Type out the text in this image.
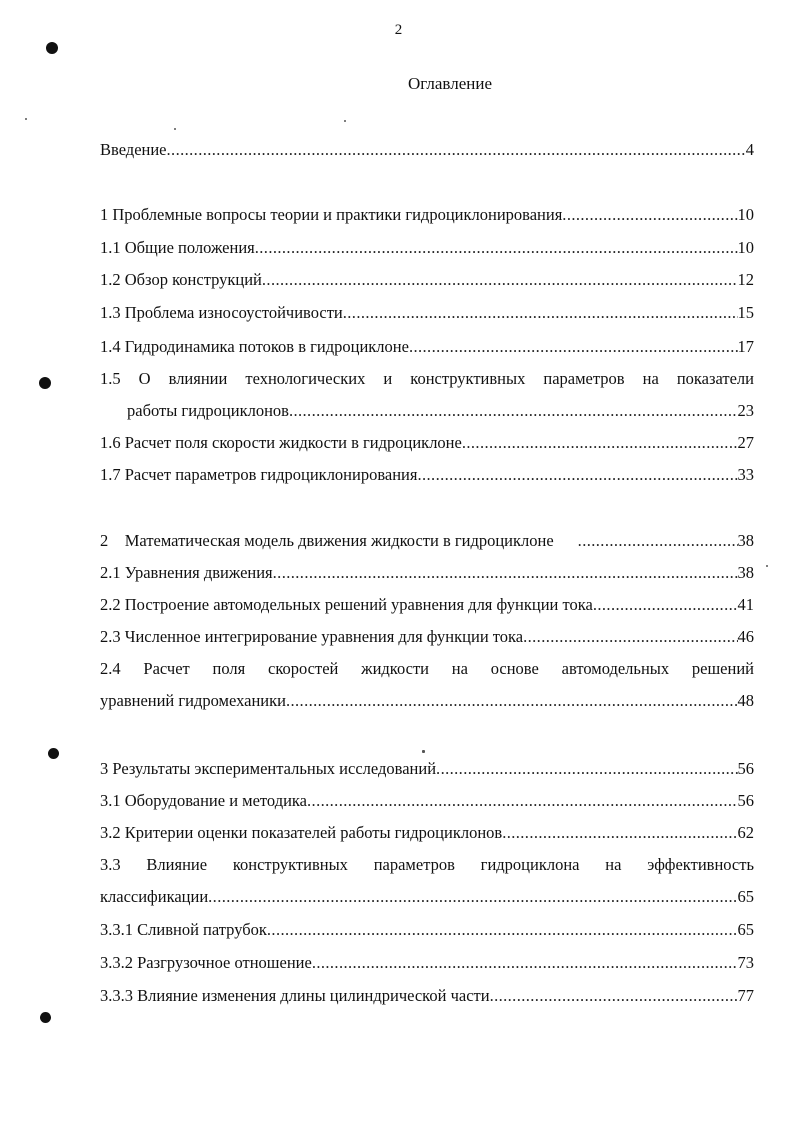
2
Оглавление
Введение .....	4
1 Проблемные вопросы теории и практики гидроциклонирования .....	10
1.1 Общие положения .....	10
1.2 Обзор конструкций .....	12
1.3 Проблема износоустойчивости .....	15
1.4 Гидродинамика потоков в гидроциклоне .....	17
1.5 О влиянии технологических и конструктивных параметров на показатели
работы гидроциклонов .....	23
1.6 Расчет поля скорости жидкости в гидроциклоне .....	27
1.7 Расчет параметров гидроциклонирования .....	33
2    Математическая модель движения жидкости в гидроциклоне .....	38
2.1 Уравнения движения .....	38
2.2 Построение автомодельных решений уравнения для функции тока .....	41
2.3 Численное интегрирование уравнения для функции тока .....	46
2.4 Расчет поля скоростей жидкости на основе автомодельных решений
уравнений гидромеханики .....	48
3 Результаты экспериментальных исследований .....	56
3.1 Оборудование и методика .....	56
3.2 Критерии оценки показателей работы гидроциклонов .....	62
3.3 Влияние конструктивных параметров гидроциклона на эффективность
классификации .....	65
3.3.1 Сливной патрубок .....	65
3.3.2 Разгрузочное отношение .....	73
3.3.3 Влияние изменения длины цилиндрической части .....	77
